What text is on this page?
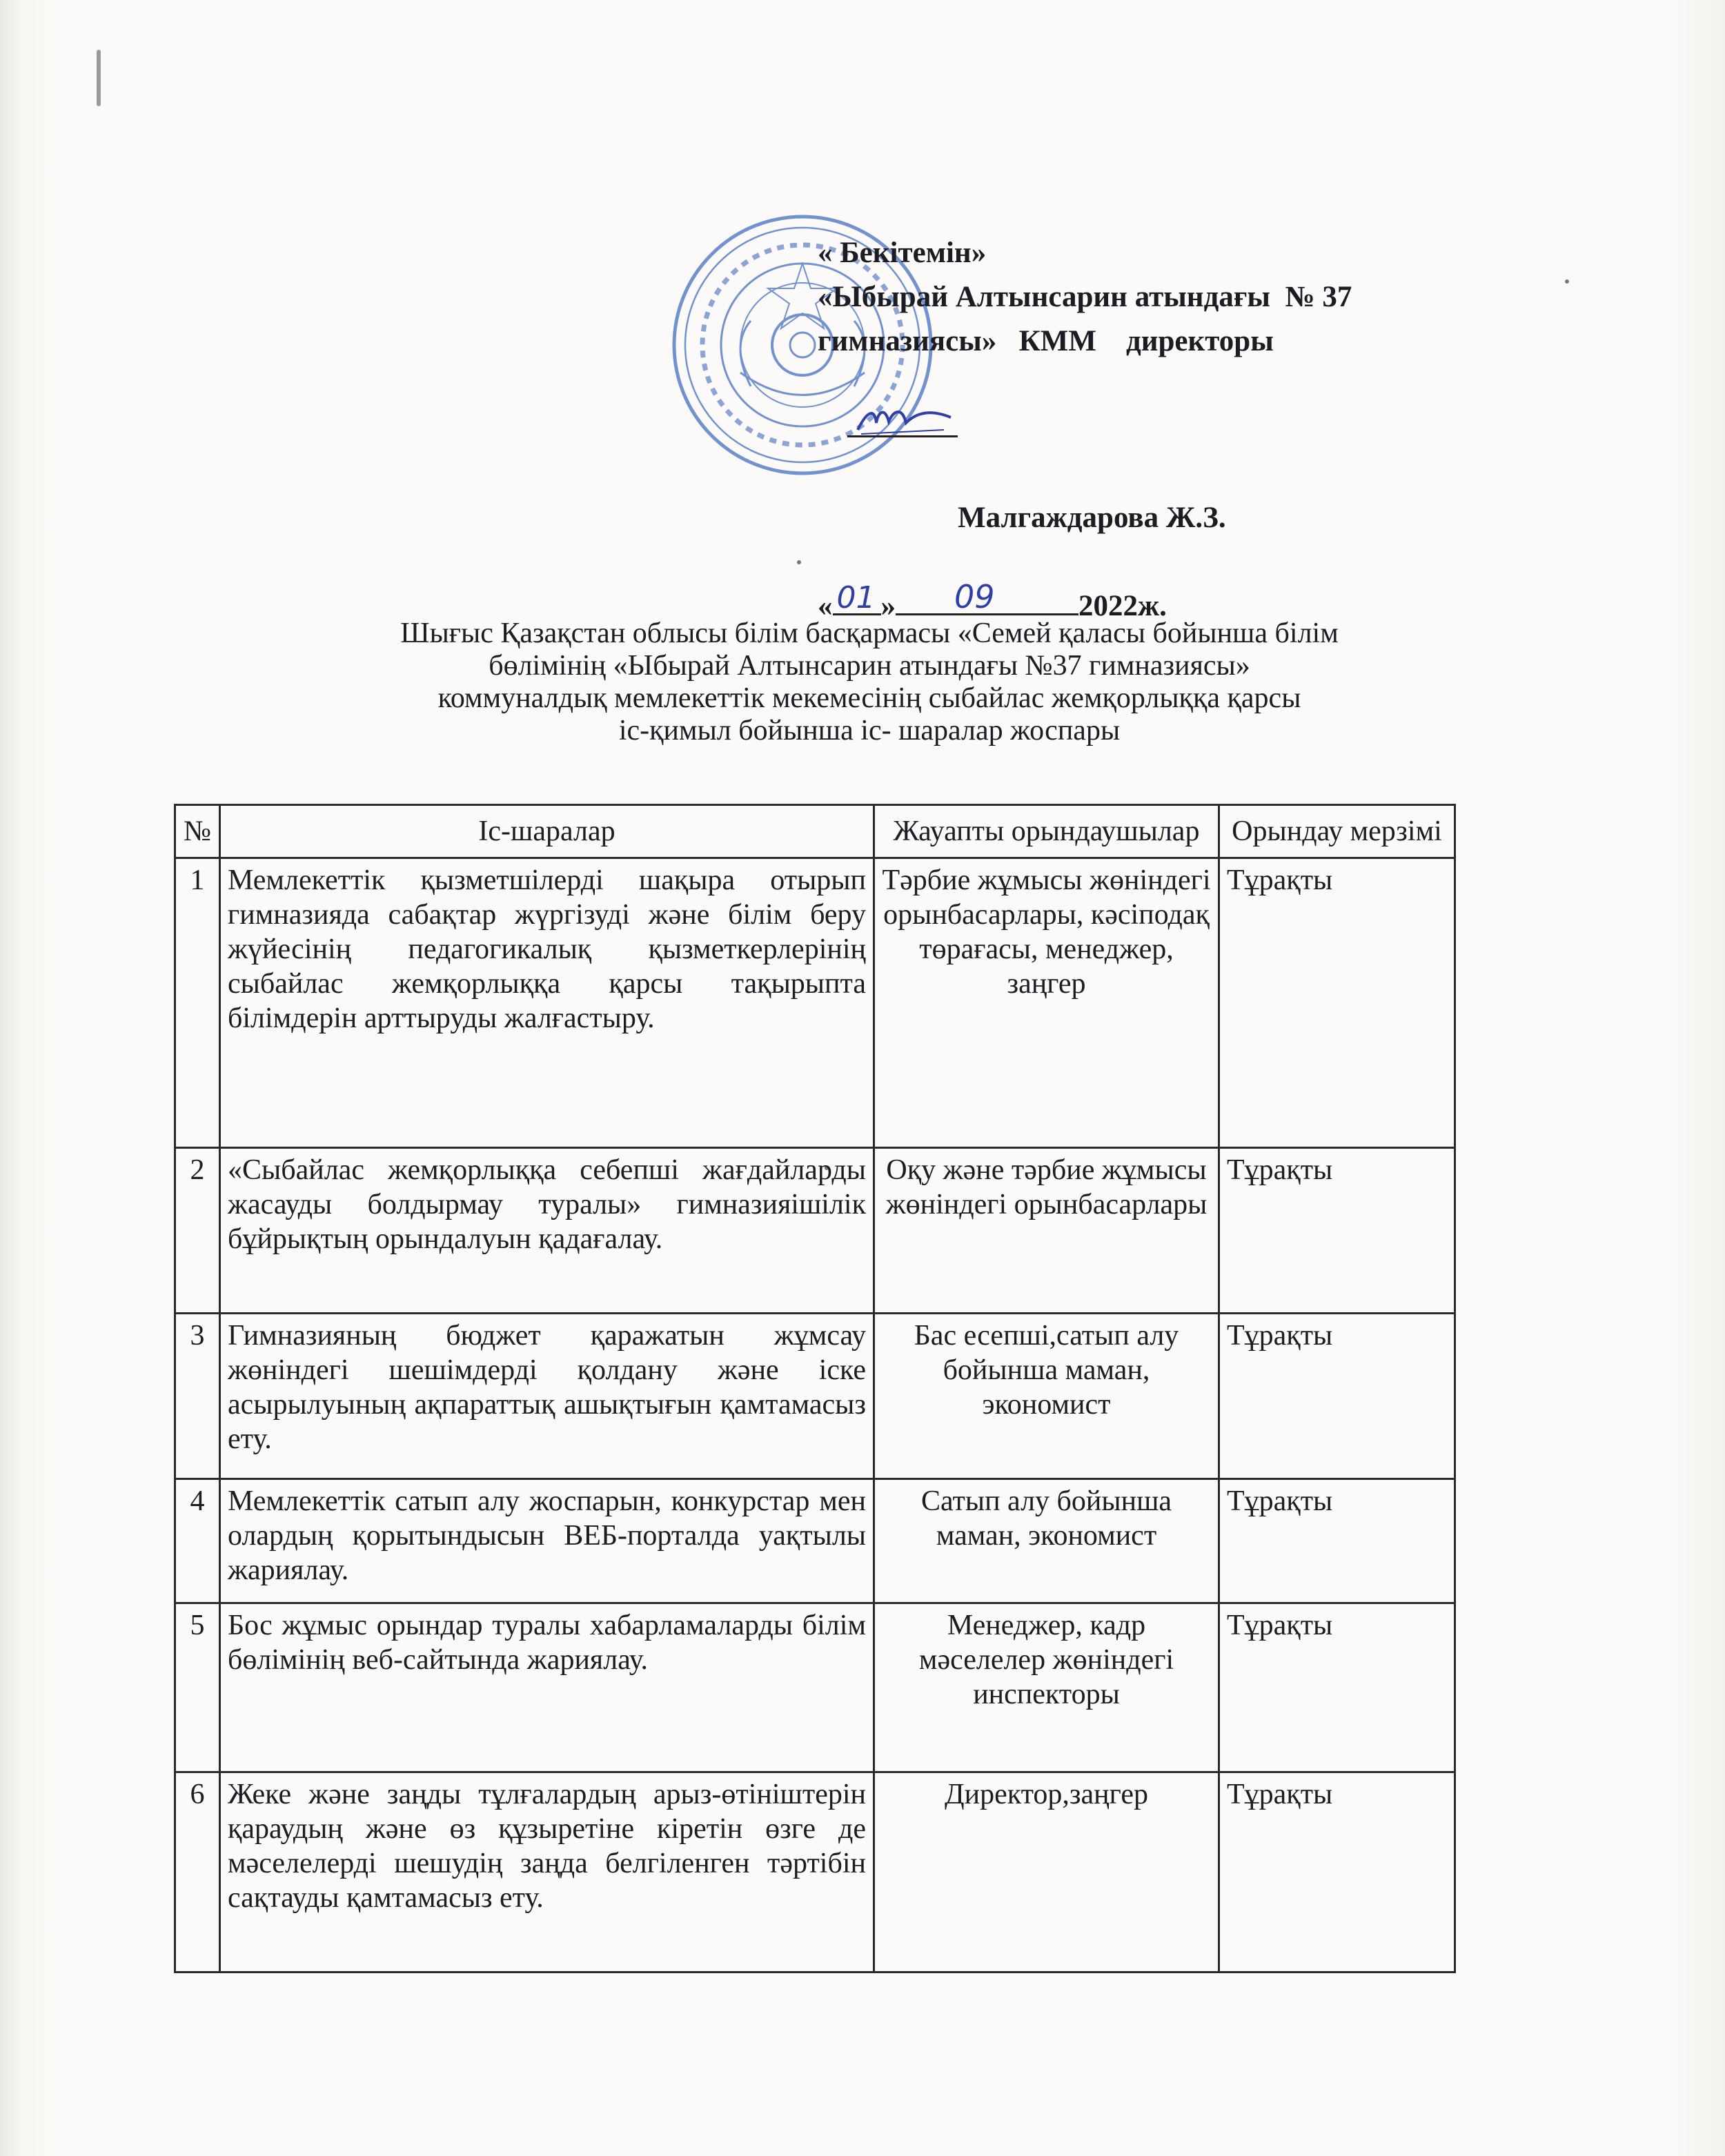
« Бекітемін»
«Ыбырай Алтынсарин атындағы  № 37
гимназиясы»   КММ    директоры

Малгаждарова Ж.З.

« 01 » 09	2022ж.
Шығыс Қазақстан облысы білім басқармасы «Семей қаласы бойынша білім
бөлімінің «Ыбырай Алтынсарин атындағы №37 гимназиясы»
коммуналдық мемлекеттік мекемесінің сыбайлас жемқорлыққа қарсы
іс-қимыл бойынша іс- шаралар жоспары
№	Іс-шаралар	Жауапты орындаушылар	Орындау мерзімі
1	Мемлекеттік қызметшілерді шақыра отырып гимназияда сабақтар жүргізуді және білім беру жүйесінің педагогикалық қызметкерлерінің сыбайлас жемқорлыққа қарсы тақырыпта білімдерін арттыруды жалғастыру.	Тәрбие жұмысы жөніндегі орынбасарлары, кәсіподақ төрағасы, менеджер, заңгер	Тұрақты
2	«Сыбайлас жемқорлыққа себепші жағдайларды жасауды болдырмау туралы» гимназияішілік бұйрықтың орындалуын қадағалау.	Оқу және тәрбие жұмысы жөніндегі орынбасарлары	Тұрақты
3	Гимназияның бюджет қаражатын жұмсау жөніндегі шешімдерді қолдану және іске асырылуының ақпараттық ашықтығын қамтамасыз ету.	Бас есепші,сатып алу бойынша маман, экономист	Тұрақты
4	Мемлекеттік сатып алу жоспарын, конкурстар мен олардың қорытындысын ВЕБ-порталда уақтылы жариялау.	Сатып алу бойынша маман, экономист	Тұрақты
5	Бос жұмыс орындар туралы хабарламаларды білім бөлімінің веб-сайтында жариялау.	Менеджер, кадр мәселелер жөніндегі инспекторы	Тұрақты
6	Жеке және заңды тұлғалардың арыз-өтініштерін қараудың және өз құзыретіне кіретін өзге де мәселелерді шешудің заңда белгіленген тәртібін сақтауды қамтамасыз ету.	Директор,заңгер	Тұрақты
